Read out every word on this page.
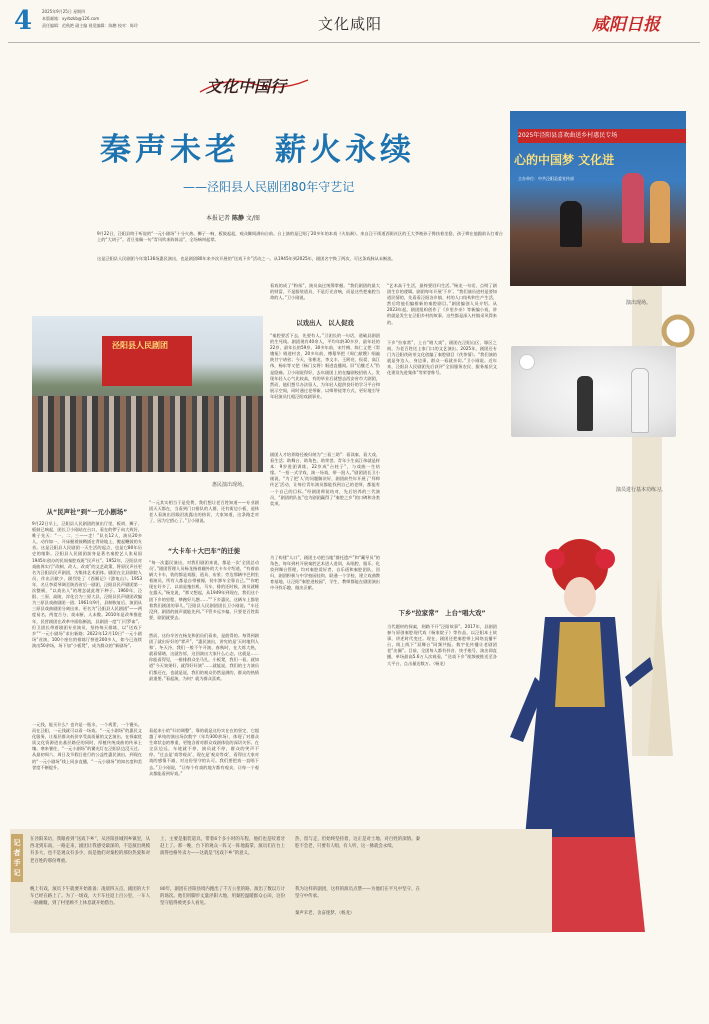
4 2025年9月25日 星期四
本版邮箱：xyrbzkb@126.com
责任编辑：范秋艳 副主编 视觉编辑：陈鹏 校对：陈玲	文化咸阳	咸阳日报
文化中国行
秦声未老　薪火永续
——泾阳县人民剧团80年守艺记
本报记者 陈静 文/图
9月22日，泾阳县终于听说的“一元小剧场”十分火热。狮子一响，板鼓起起，观众脚间满向台前。台上演的是已唱了20多年的本戏《火焰驹》。来自泾干街道西街社区的王大爷被孙子搀扶着坐稳，孩子辫在他跟前认打着台上的“大胡子”。君旦张佩一句“青风吹来阵阵凉”，全场响叫起掌。
这是泾阳县人民剧团今年第136场惠民演出，也是剧团80年来多次开展的“送戏下乡”活动之一。从1945年到2025年，剧团名字换了两次，可这条戏脉从未断流。
2025年泾阳县喜欢曲送乡村惠民专场
心的中国梦 文化进
主办单位：中共泾阳县委宣传部
演出现场。
演员进行基本功练习。
泾阳县人民剧团
惠民演出现场。
从“民声社”到“一元小剧场”
9月22日早上，泾阳县人民剧团的演出厅里，板胡、狮子、板鼓已响起，团长卫小刚站在台口，看在的锣子向大致好，唯子先天：“一、二、三——走！”队长12人，演员20多人，动作如一，开床握着鼓鞘插在背砖地上，搬起鞭鼓的支音。这是泾阳县人民剧团一天生活的起点，也是它80年历史的缩影。泾阳县人民剧团前身是著名秦腔艺人张易国1945年创办的民间秦腔戏班“民声社”。1952年，泾阳县对戏曲界实行“改制、改人、改戏”的文艺政策，将原民声社更名为泾阳县民声剧团，为集体艺术团体。剧团在全县剧院人员，作出贡献少，剧烈处了《西厢记》《游龟山》。1953年，名旦李爱琴调至陕西省后一剧团，泾阳县民声剧团第一次整顿，“以戏出人”的理念就此埋下种子。1960年，泾阳、三原、高陵、淳化合为三原大县，泾阳县民声剧团改编为三原县戏曲剧团一团；1961年9月，县制恢复后，演团从三原县戏曲剧团分离出来，更名为“泾阳县人民剧团”——两度易名，两度合分，戏未断，人未散。2010年是改革推进年，民营剧团在改革中面临断流，县剧团一度“门可罗雀”。但卫团长带着剧团专业演员，坚持每天排练，以“送戏下乡”“一元小剧场”求出新路；2022年12月10日“一元小剧场”首演，100个座位的排练厅挤进200多人，如今已连续演出50余场，场下加“小板凳”，成为群众的“新剧场”。
一元钱，能买什么？也许是一瓶水，一个鸡蛋，一个馒头。而在泾阳，一元钱就可以看一场戏。“一元小剧场”的惠民文化服务，让基层群众低价享受高质量的文艺演出，在探索优质文化资源进出基层路径的同时，厚植传统戏曲的传承土壤。寒来暑往，“一元小剧场”的繁光灯在泾阳县边没灭过。从最初周六、周日及节假日进行的公益性惠民演出，到现在的“一元小剧场”线上同步直播，“一元小剧场”的知名度和美誉度不断提升。
“一元其实相当于是免费，我们想让老百姓知道——专业剧团天天都在，当看到门口排队的人群，还有街边小板，退休老人看演出回眼泪流露出的热切，大家知道，这条路走对了，因为它搭心了。”卫小刚说。
“大卡车＋大巴车”的迁徙
“每一次惠民演出，对我们剧团来说，都是一次‘全团总动员’。”剧团管理人员杨龙指着翻外的大卡车介绍道，“有着前辆大卡车，装的都是戏服、道具、布景；旁边那辆中巴则坐着演员，所有人都是自带被褥，装车卸车全靠自己。”“你吧现在好多了，以前是拖拉机、马车，排的还时候，演员就睡在露天。”杨龙说，“那又想起，从1949年到现在，我们这个团下乡的里程，够跑好几趟……”“下乡惠民，这辆车上都装着我们剧团的事儿。”泾阳县人民剧团团长卫小刚说，“车还没到，剧团的鼓声就能先到。”不管多远多偏，只要老百姓需要，剧团就要去。
然而，这份辛苦在杨龙和团员们看来，是值得的。每得到剧团了就出好好的“掌声”，“惠民演出，讲究的是‘天时地利人和’。冬天冷，我们一般不午开演，春秋时，在大炼大热，就看情绪，这就告诉，这回演出大家什么心态，这就是……你能看得见，一排排群众坐马扎，小板凳，我们一看，就知道“今天效果好，就得好好演”……就能说，我们的主力演员们都还在，也就是说，我们的观众仍然是满的，群众的热情最重要。”看起演，为何？就为群众喜欢。
看起来小的“归功调整”，靠的就是这份实在在的坚定，它超越了单纯的演出场次数字（年均300余场），体现了对群众生命状态的尊重，更饱含着对群众戏剧体验的深切关怀。在全县边远，车轮就不停，演员就不停，群众的笑声不停。“过去是‘戏等观众’，现在是‘观众等戏’，看得出大家对戏的感情不减，对这份坚守的认可。我们要把戏一直唱下去。”卫小刚说，“让每个有戏的地方都有观众，让每一个观众都能看到好戏。”
看戏的成了“粉丝”，演员高过统筹掌握。“我们剧团的最大的财富，不是服装道具，不是灯光音响，而是这些把秦腔当命的人。”卫小刚说。
以戏出人　以人促戏
“秦腔要活下去，先要有人。”卫团长的一句话，道破县剧团的生死线。剧团现有40余人，平均年龄30多岁，最年轻的22岁，最年长的59岁。30多年前，宋竹梅、陈仁义把《窦娥冤》唱进村舍，20多年前，傅蔓华把《周仁献嫂》唱遍陕甘宁诸省；今天，张彬龙、李文丰、王阿亮、侯爱、高江伟，杨东等又把《杨门女将》唱进直播间。旧“后继乏人”仍是隐痛。卫小刚说得好，去年剧团上的在编剧校招收人，发现年轻人心气比较高，有的毕业后就想去西安省市大剧团，然而，他们想尽办法留人，为年轻人提供良好的学习平台和展示空间，同时通过老带新、以师带徒等方式，更好地引导年轻演员扎根泾阳戏剧事业。
剧团人才培养路径被归纳为“三看三助”：看读秦、看大戏、看生活；助舞台、助角色、助荣誉。青年小生高江伟就是样本：9岁进团训练，22岁成“台柱子”，与戏曲一生结缘。“一招一式学戏，演一场戏，带一批人。”剧团团长卫小刚说，“为了把‘人’的问题解决好，剧团前些年开展了‘拜师传艺’活动，让每位青年演员都能找到自己的老师，都能有一个自己的目标。”经剧团师徒结对，先后培养的三代演员，“剧团的队伍”也为剧团赢得了“秦腔之乡”的口碑和各类奖项。
为了构建“人口”，剧团主动把当地“群托遗产”和“藏导员”的角色，每年到村开展秦腔艺术进人进训，从唱腔、服乐、化妆到舞台管理，均对秦腔爱好者，自乐班和秦腔团队，回归，剧团积极与中学校园挂钩，联通一个学校，建立戏曲教育基地，让泾阳“秦腔进校园”，学生、教师都能在剧团演出中寻找乐趣，做出贡献。
“艺术高于生活，最终要回归生活。”杨龙一句话，点明了剧团生存的逻辑。剧团每年开展‘下乡’。“我们演员进村是要知道民情的，先看看泾阳各乡镇、村的人口结构和生产生活，然后给他们编排新的秦腔剧目。”剧团编创人员介绍。从2023年起，剧团组织创作了《乡里乡亲》等新编小戏，讲的就是发生在泾阳乡村的故事，这些都是深入村镇采风得来的。
下乡“拉家常”　上台“唱大戏”
下乡“拉家常”，上台“唱大戏”，剧团在泾阳山区、塬区之间，为老百姓送上家门口的文艺演出。2025年，剧团还专门为泾阳茯砖茶文化创编了秦腔剧目《茯茶情》。“我们演的就是身边人、身边事，群众一看就亲切。”卫小刚说。近年来，泾阳县人民剧团先后获评“全国服务农民、服务基层文化建设先进集体”等荣誉称号。
当代题材的探索，则路不开“泾阳故事”。2017年，县剧团参与原创秦腔现代戏《杨家院子》等作品，以泾阳本土故事，讲述时代变迁。现在，剧团还把秦腔带上网络直播平台，线上线下“双舞台”同频共振。数字化传播让老剧团老“出圈”。目前，全团每人都有抖音、快手账号，演出即直播，单场最高5.6万人次观看，“送戏下乡”视频被推送至各大平台，点击量达数万。（杨龙）
记者手记
在泾阳采访，我眼看到“送戏下乡”，从泾阳县城到乡镇里，从西北到东南，一路走来，剧团让我感受最深的，不是演出规模有多大，也不是观众有多少，而是他们对秦腔的那份热爱和对老百姓的那份尊重。
晚上有戏，演员下午就要开始准备；凌晨四五点，剧团的大卡车已经在路上了。为了一场戏，大卡车往返上百公里，一车人一路颠簸，到了村里顾不上休息就开始搭台。
上，主要是服装道具，带着6个多小时的车程，他们也是咬着牙赶上了。那一晚，台下的观众一阵又一阵地鼓掌，演员们在台上演得也格外卖力——这就是“送戏下乡”的意义。
80年，剧团在泾阳县境内跑出了千万公里的路，演出了数以万计的场次。他们用脚步丈量泾阳大地，用秦腔温暖群众心田，这份坚守值得被更多人看见。
热，留与走，但始终坚持着，这正是对土地、对百姓的深情。秦腔不会老，只要有人唱、有人听，这一脉就会永续。
我为这样的剧团，这样的演员点赞——为他们在平凡中坚守、在坚守中传承。
秦声未老，舍奋逐梦。（杨龙）
